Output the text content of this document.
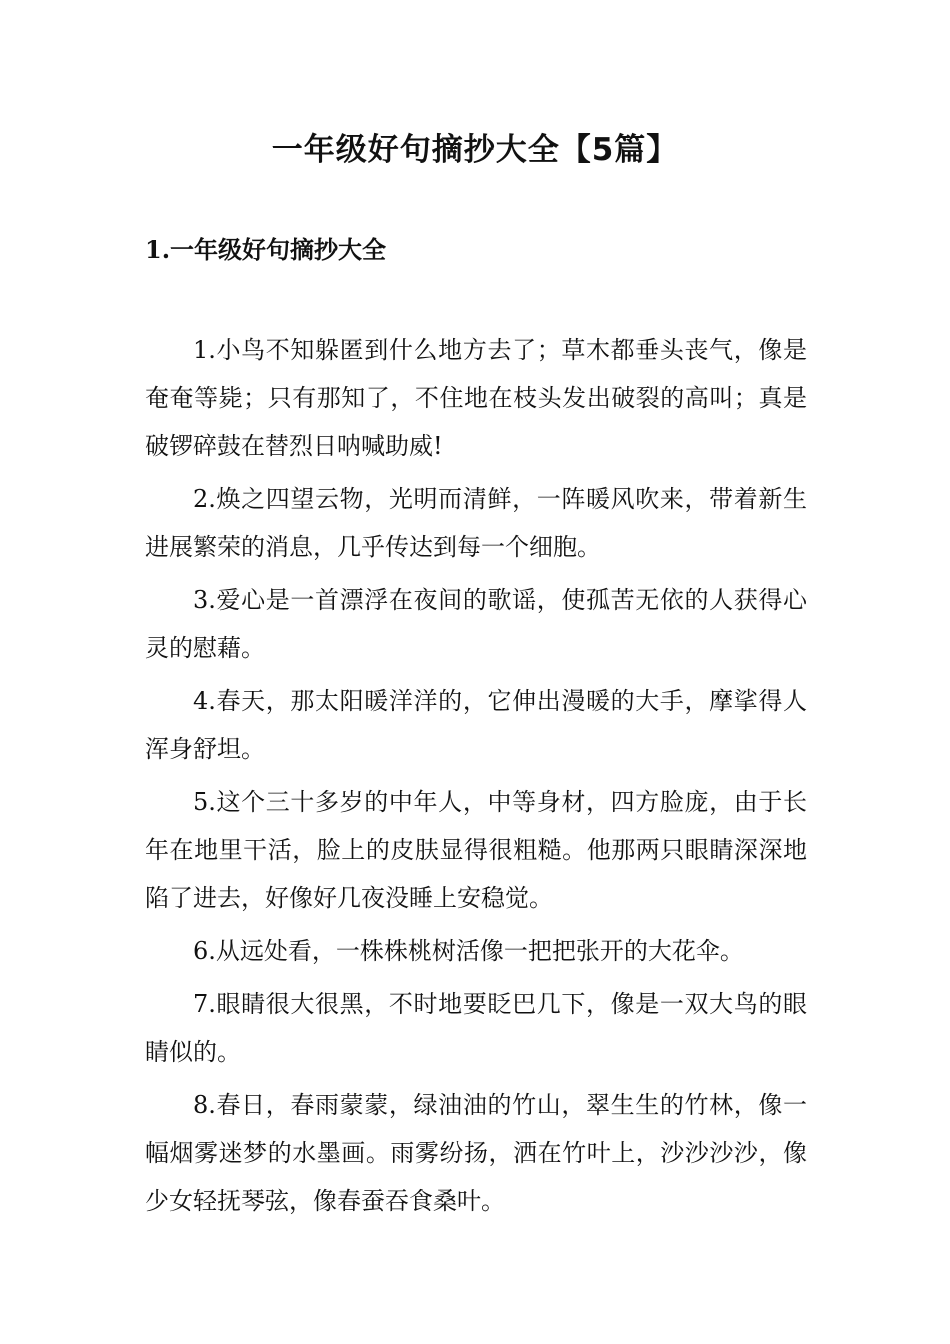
一年级好句摘抄大全【5篇】
1.一年级好句摘抄大全

1.小鸟不知躲匿到什么地方去了；草木都垂头丧气，像是奄奄等毙；只有那知了，不住地在枝头发出破裂的高叫；真是破锣碎鼓在替烈日呐喊助威!

2.焕之四望云物，光明而清鲜，一阵暖风吹来，带着新生进展繁荣的消息，几乎传达到每一个细胞。

3.爱心是一首漂浮在夜间的歌谣，使孤苦无依的人获得心灵的慰藉。

4.春天，那太阳暖洋洋的，它伸出漫暖的大手，摩挲得人浑身舒坦。

5.这个三十多岁的中年人，中等身材，四方脸庞，由于长年在地里干活，脸上的皮肤显得很粗糙。他那两只眼睛深深地陷了进去，好像好几夜没睡上安稳觉。

6.从远处看，一株株桃树活像一把把张开的大花伞。

7.眼睛很大很黑，不时地要眨巴几下，像是一双大鸟的眼睛似的。

8.春日，春雨蒙蒙，绿油油的竹山，翠生生的竹林，像一幅烟雾迷梦的水墨画。雨雾纷扬，洒在竹叶上，沙沙沙沙，像少女轻抚琴弦，像春蚕吞食桑叶。
